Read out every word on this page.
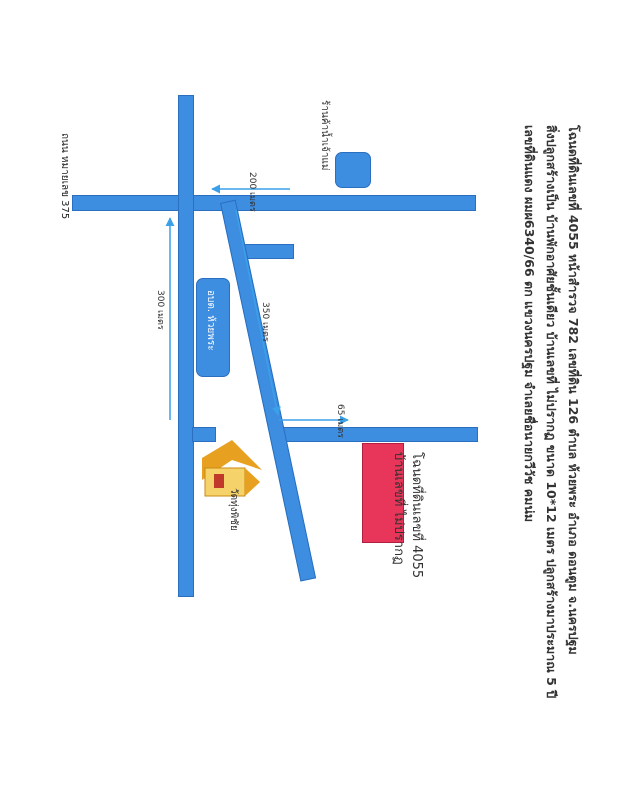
โฉนดที่ดินเลขที่ 4055 หน้าสำรวจ 782 เลขที่ดิน 126 ตำบล ห้วยพระ อำเภอ ดอนตูม จ.นครปฐม
สิ่งปลูกสร้างเป็น บ้านพักอาศัยชั้นเดียว บ้านเลขที่ ไม่ปรากฏ ขนาด 10*12 เมตร ปลูกสร้างมาประมาณ 5 ปี
เลขที่ดินแดง ผมผ6340/66 ตก แขวงนครปฐม จำเลยชื่อนายกวีวัช คมน่ม
ถนน หมายเลข 375	ร้านค้าน้ำเจ้าแม่
200 เมตร
300 เมตร	350 เมตร
65 เมตร
อบต. ห้วยพระ
วัดทุ่งพิชัย	โฉนดที่ดินเลขที่ 4055
บ้านเลขที่ ไม่ปรากฏ
